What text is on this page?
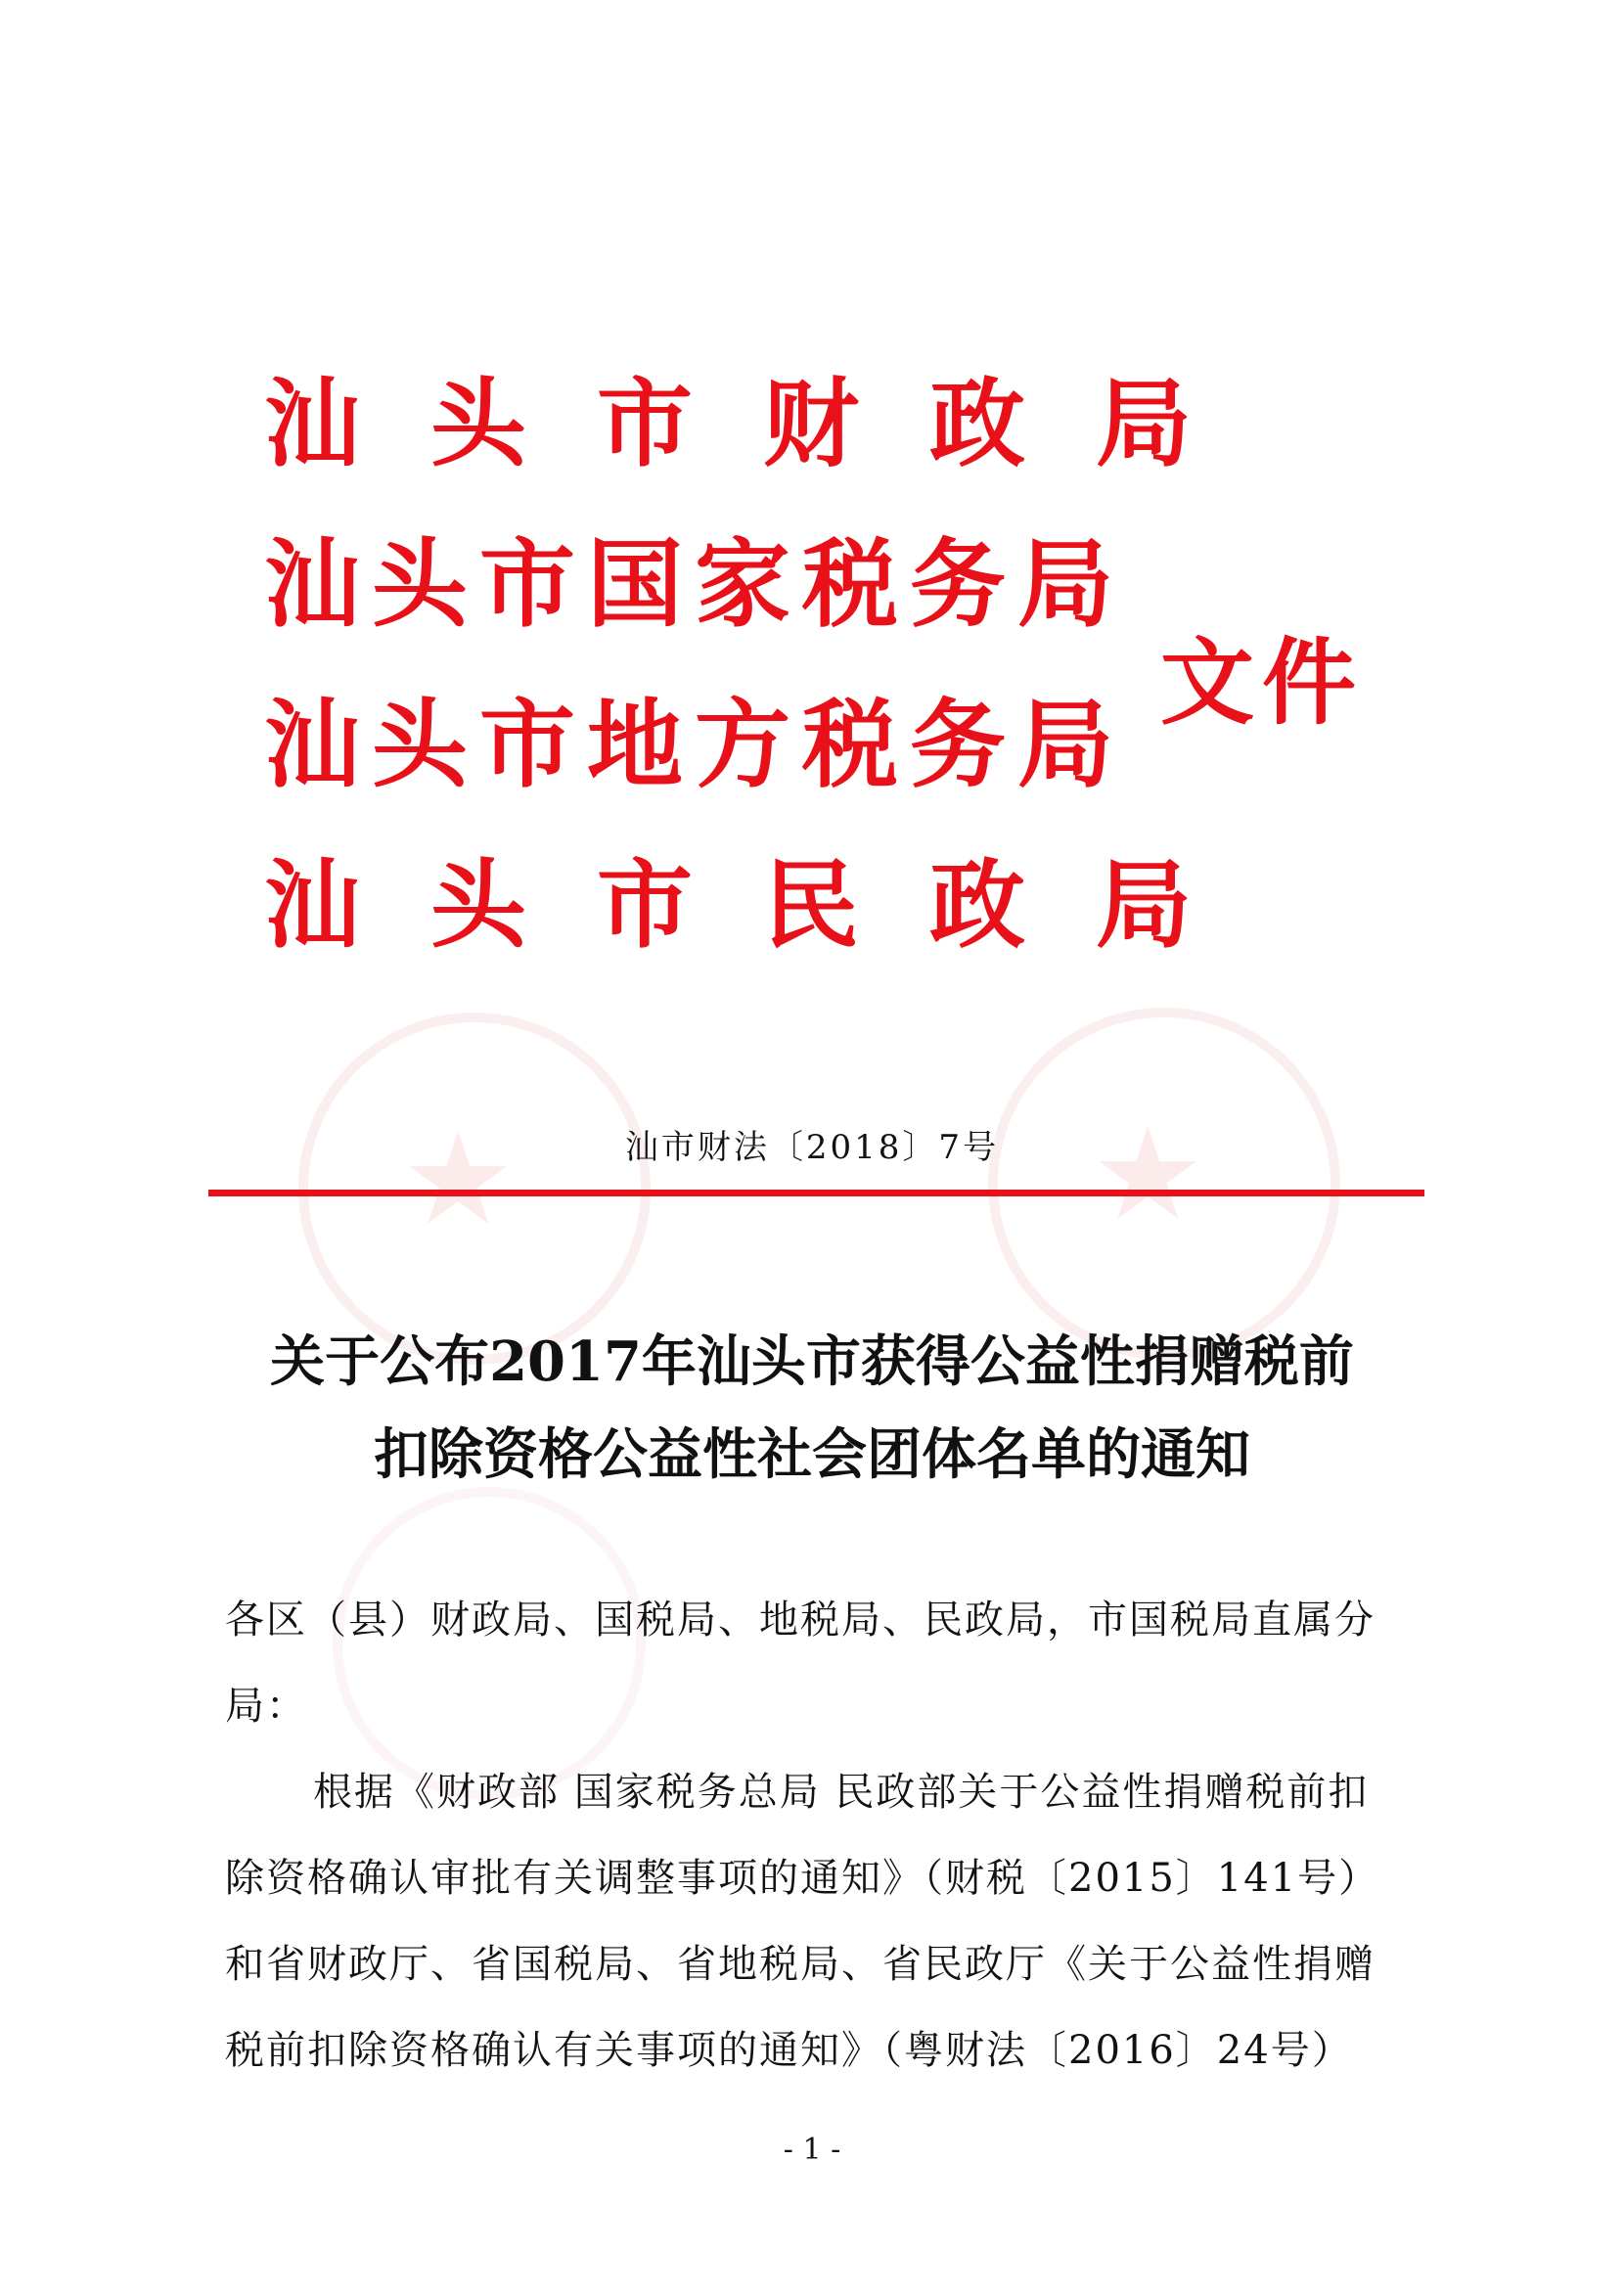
★	★
汕头市财政局
汕头市国家税务局
汕头市地方税务局
汕头市民政局
文件
汕市财法〔2018〕7号
关于公布2017年汕头市获得公益性捐赠税前
扣除资格公益性社会团体名单的通知

各区（县）财政局、国税局、地税局、民政局，市国税局直属分局：

根据《财政部 国家税务总局 民政部关于公益性捐赠税前扣除资格确认审批有关调整事项的通知》（财税〔2015〕141号）和省财政厅、省国税局、省地税局、省民政厅《关于公益性捐赠税前扣除资格确认有关事项的通知》（粤财法〔2016〕24号）

- 1 -
